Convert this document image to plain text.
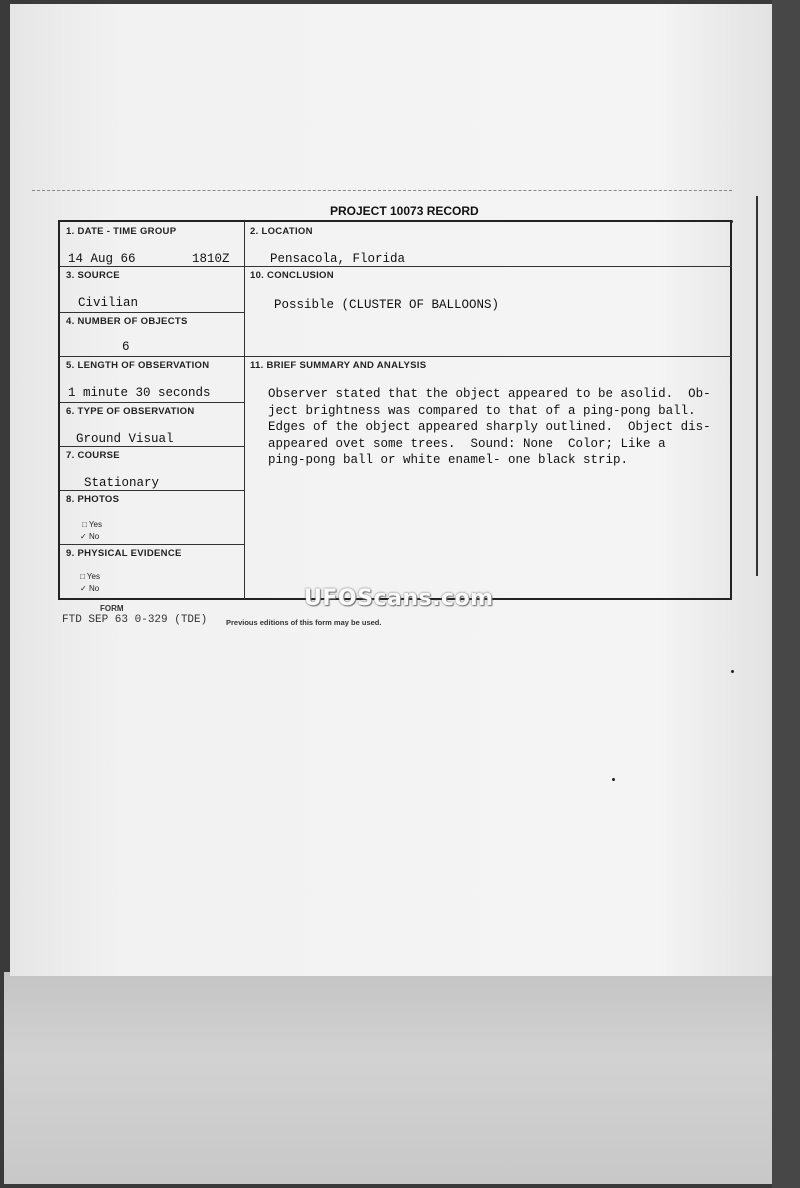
PROJECT 10073 RECORD
1. DATE - TIME GROUP
14 Aug 66	1810Z
2. LOCATION
Pensacola, Florida
3. SOURCE
Civilian
10. CONCLUSION
Possible (CLUSTER OF BALLOONS)
4. NUMBER OF OBJECTS
6
5. LENGTH OF OBSERVATION
1 minute 30 seconds
11. BRIEF SUMMARY AND ANALYSIS
Observer stated that the object appeared to be asolid.  Ob-
ject brightness was compared to that of a ping-pong ball.
Edges of the object appeared sharply outlined.  Object dis-
appeared ovet some trees.  Sound: None  Color; Like a
ping-pong ball or white enamel- one black strip.
6. TYPE OF OBSERVATION
Ground Visual
7. COURSE
Stationary
8. PHOTOS
□ Yes
✓ No
9. PHYSICAL EVIDENCE
□ Yes
✓ No
FORM
FTD SEP 63 0-329 (TDE)	Previous editions of this form may be used.
UFOScans.com
